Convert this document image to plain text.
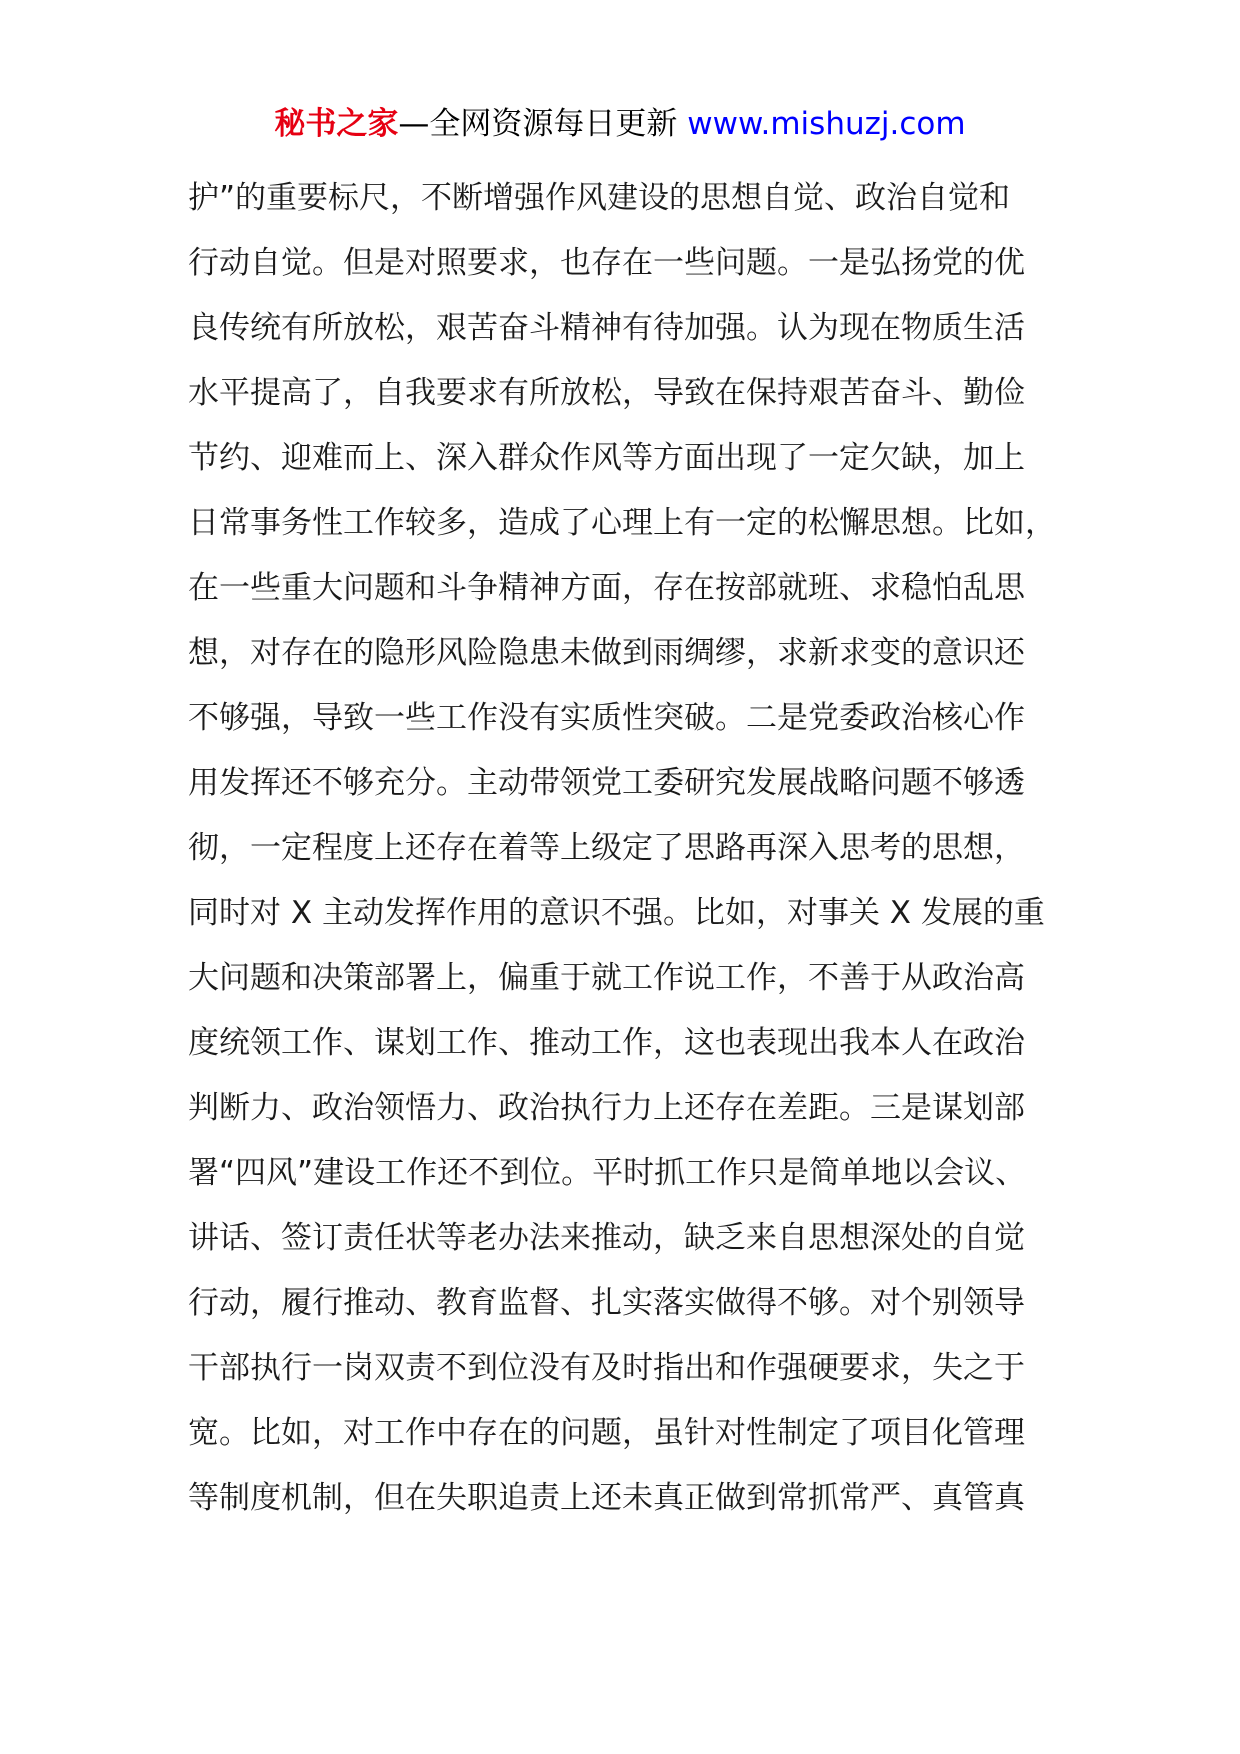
秘书之家—全网资源每日更新 www.mishuzj.com
护”的重要标尺，不断增强作风建设的思想自觉、政治自觉和
行动自觉。但是对照要求，也存在一些问题。一是弘扬党的优
良传统有所放松，艰苦奋斗精神有待加强。认为现在物质生活
水平提高了，自我要求有所放松，导致在保持艰苦奋斗、勤俭
节约、迎难而上、深入群众作风等方面出现了一定欠缺，加上
日常事务性工作较多，造成了心理上有一定的松懈思想。比如，
在一些重大问题和斗争精神方面，存在按部就班、求稳怕乱思
想，对存在的隐形风险隐患未做到雨绸缪，求新求变的意识还
不够强，导致一些工作没有实质性突破。二是党委政治核心作
用发挥还不够充分。主动带领党工委研究发展战略问题不够透
彻，一定程度上还存在着等上级定了思路再深入思考的思想，
同时对 X 主动发挥作用的意识不强。比如，对事关 X 发展的重
大问题和决策部署上，偏重于就工作说工作，不善于从政治高
度统领工作、谋划工作、推动工作，这也表现出我本人在政治
判断力、政治领悟力、政治执行力上还存在差距。三是谋划部
署“四风”建设工作还不到位。平时抓工作只是简单地以会议、
讲话、签订责任状等老办法来推动，缺乏来自思想深处的自觉
行动，履行推动、教育监督、扎实落实做得不够。对个别领导
干部执行一岗双责不到位没有及时指出和作强硬要求，失之于
宽。比如，对工作中存在的问题，虽针对性制定了项目化管理
等制度机制，但在失职追责上还未真正做到常抓常严、真管真
